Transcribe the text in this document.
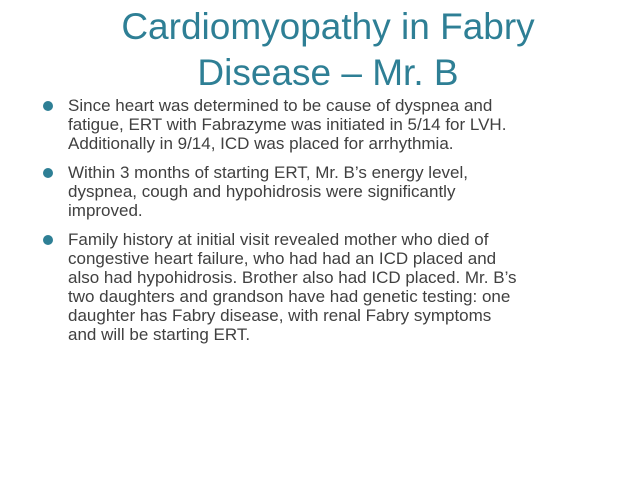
Cardiomyopathy in Fabry
Disease – Mr. B
Since heart was determined to be cause of dyspnea and
fatigue, ERT with Fabrazyme was initiated in 5/14 for LVH.
Additionally in 9/14, ICD was placed for arrhythmia.
Within 3 months of starting ERT, Mr. B’s energy level,
dyspnea, cough and hypohidrosis were significantly
improved.
Family history at initial visit revealed mother who died of
congestive heart failure, who had had an ICD placed and
also had hypohidrosis. Brother also had ICD placed. Mr. B’s
two daughters and grandson have had genetic testing: one
daughter has Fabry disease, with renal Fabry symptoms
and will be starting ERT.
